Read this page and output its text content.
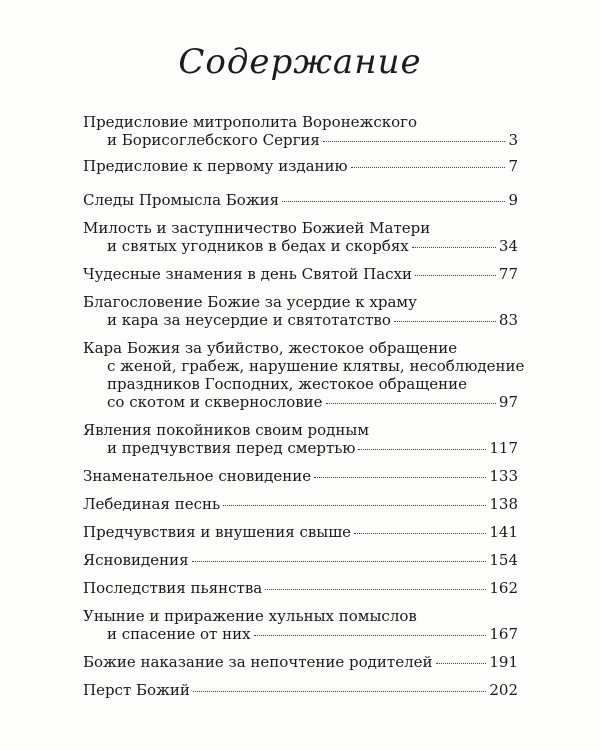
Содержание
Предисловие митрополита Воронежского
и Борисоглебского Сергия	3
Предисловие к первому изданию	7
Следы Промысла Божия	9
Милость и заступничество Божией Матери
и святых угодников в бедах и скорбях	34
Чудесные знамения в день Святой Пасхи	77
Благословение Божие за усердие к храму
и кара за неусердие и святотатство	83
Кара Божия за убийство, жестокое обращение
с женой, грабеж, нарушение клятвы, несоблюдение
праздников Господних, жестокое обращение
со скотом и сквернословие	97
Явления покойников своим родным
и предчувствия перед смертью	117
Знаменательное сновидение	133
Лебединая песнь	138
Предчувствия и внушения свыше	141
Ясновидения	154
Последствия пьянства	162
Уныние и приражение хульных помыслов
и спасение от них	167
Божие наказание за непочтение родителей	191
Перст Божий	202
